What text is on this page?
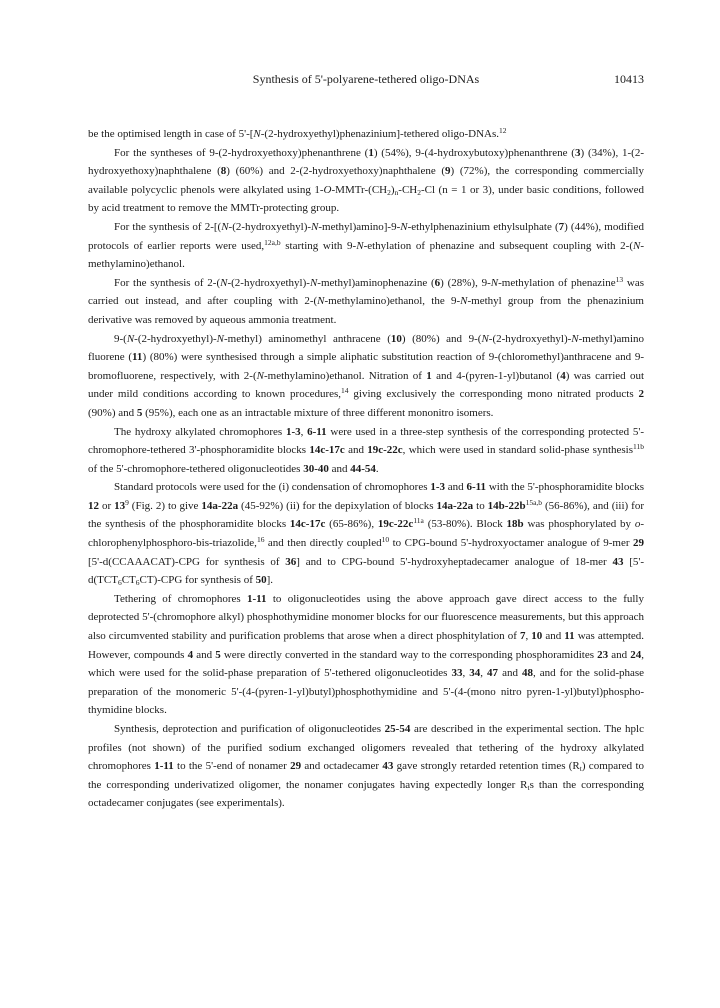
Synthesis of 5'-polyarene-tethered oligo-DNAs	10413

be the optimised length in case of 5'-[N-(2-hydroxyethyl)phenazinium]-tethered oligo-DNAs.$^{12}$

For the syntheses of 9-(2-hydroxyethoxy)phenanthrene (1) (54%), 9-(4-hydroxybutoxy)phenanthrene (3) (34%), 1-(2-hydroxyethoxy)naphthalene (8) (60%) and 2-(2-hydroxyethoxy)naphthalene (9) (72%), the corresponding commercially available polycyclic phenols were alkylated using $1-O-MMTr-(CH_2)_n-CH_2-Cl$ (n = 1 or 3), under basic conditions, followed by acid treatment to remove the MMTr-protecting group.

For the synthesis of 2-[(N-(2-hydroxyethyl)-N-methyl)amino]-9-N-ethylphenazinium ethylsulphate (7) (44%), modified protocols of earlier reports were used,$^{12a,b}$ starting with 9-N-ethylation of phenazine and subsequent coupling with 2-(N-methylamino)ethanol.

For the synthesis of 2-(N-(2-hydroxyethyl)-N-methyl)aminophenazine (6) (28%), 9-N-methylation of phenazine$^{13}$ was carried out instead, and after coupling with 2-(N-methylamino)ethanol, the 9-N-methyl group from the phenazinium derivative was removed by aqueous ammonia treatment.

9-(N-(2-hydroxyethyl)-N-methyl) aminomethyl anthracene (10) (80%) and 9-(N-(2-hydroxyethyl)-N-methyl)amino fluorene (11) (80%) were synthesised through a simple aliphatic substitution reaction of 9-(chloromethyl)anthracene and 9-bromofluorene, respectively, with 2-(N-methylamino)ethanol. Nitration of 1 and 4-(pyren-1-yl)butanol (4) was carried out under mild conditions according to known procedures,$^{14}$ giving exclusively the corresponding mono nitrated products 2 (90%) and 5 (95%), each one as an intractable mixture of three different mononitro isomers.

The hydroxy alkylated chromophores 1-3, 6-11 were used in a three-step synthesis of the corresponding protected 5'-chromophore-tethered 3'-phosphoramidite blocks 14c-17c and 19c-22c, which were used in standard solid-phase synthesis$^{11b}$ of the 5'-chromophore-tethered oligonucleotides 30-40 and 44-54.

Standard protocols were used for the (i) condensation of chromophores 1-3 and 6-11 with the 5'-phosphoramidite blocks 12 or $13^9$ (Fig. 2) to give 14a-22a (45-92%) (ii) for the depixylation of blocks 14a-22a to $14b-22b^{15a,b}$ (56-86%), and (iii) for the synthesis of the phosphoramidite blocks 14c-17c (65-86%), $19c-22c^{11a}$ (53-80%). Block 18b was phosphorylated by o-chlorophenylphosphoro-bis-triazolide,$^{16}$ and then directly coupled$^{10}$ to CPG-bound 5'-hydroxyoctamer analogue of 9-mer 29 [5'-d(CCAAACAT)-CPG for synthesis of 36] and to CPG-bound 5'-hydroxyheptadecamer analogue of 18-mer 43 [$5'-d(TCT_6CT_6CT)$-CPG for synthesis of 50].

Tethering of chromophores 1-11 to oligonucleotides using the above approach gave direct access to the fully deprotected 5'-(chromophore alkyl) phosphothymidine monomer blocks for our fluorescence measurements, but this approach also circumvented stability and purification problems that arose when a direct phosphitylation of 7, 10 and 11 was attempted. However, compounds 4 and 5 were directly converted in the standard way to the corresponding phosphoramidites 23 and 24, which were used for the solid-phase preparation of 5'-tethered oligonucleotides 33, 34, 47 and 48, and for the solid-phase preparation of the monomeric 5'-(4-(pyren-1-yl)butyl)phosphothymidine and 5'-(4-(mono nitro pyren-1-yl)butyl)phospho-thymidine blocks.

Synthesis, deprotection and purification of oligonucleotides 25-54 are described in the experimental section. The hplc profiles (not shown) of the purified sodium exchanged oligomers revealed that tethering of the hydroxy alkylated chromophores 1-11 to the 5'-end of nonamer 29 and octadecamer 43 gave strongly retarded retention times $(R_t)$ compared to the corresponding underivatized oligomer, the nonamer conjugates having expectedly longer $R_ts$ than the corresponding octadecamer conjugates (see experimentals).
